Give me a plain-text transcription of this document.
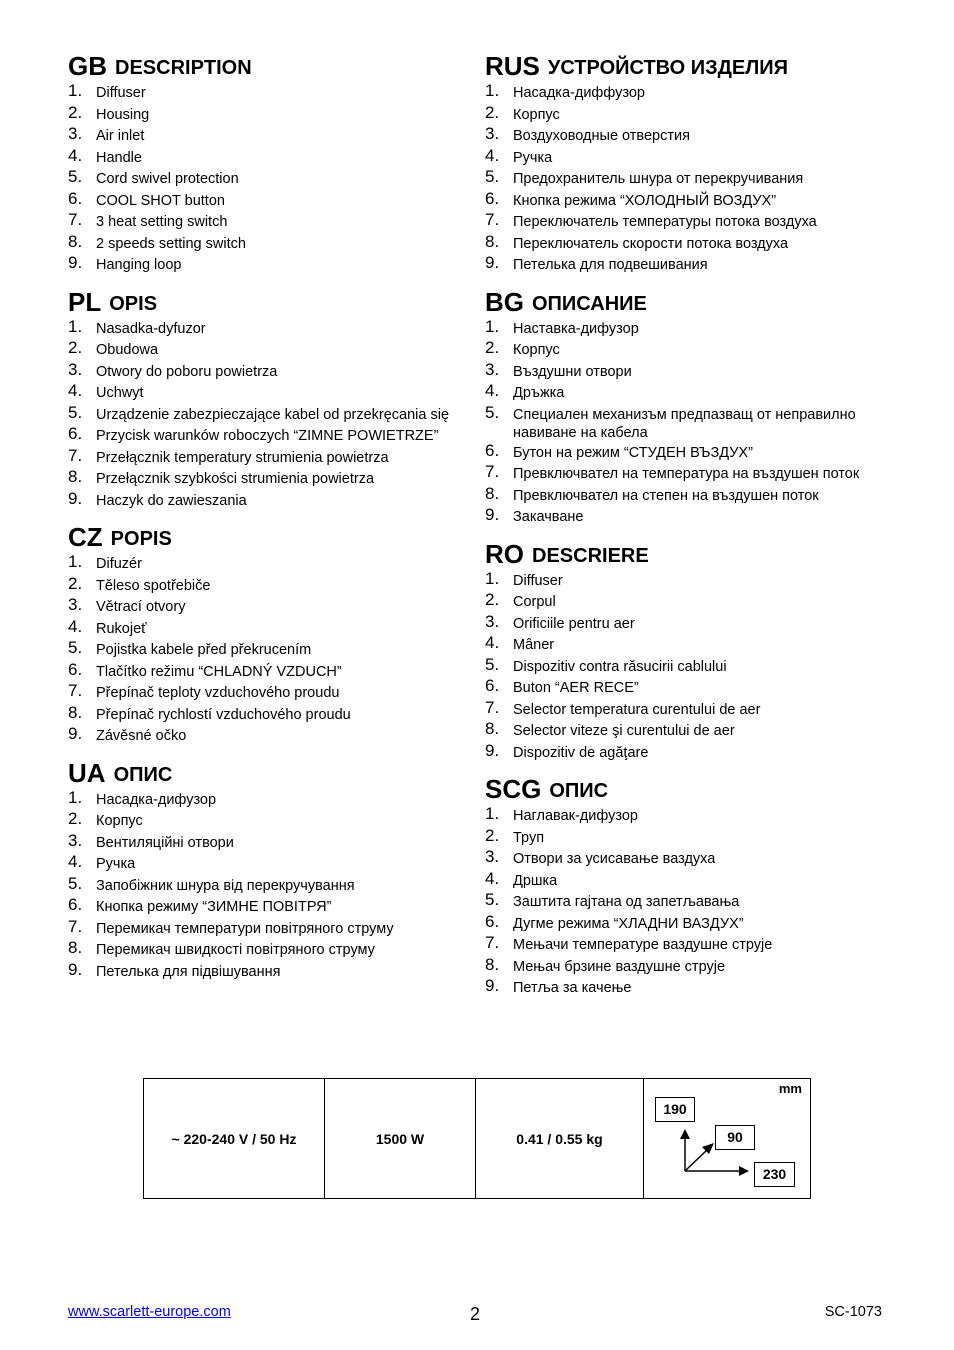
GB DESCRIPTION
1. Diffuser
2. Housing
3. Air inlet
4. Handle
5. Cord swivel protection
6. COOL SHOT button
7. 3 heat setting switch
8. 2 speeds setting switch
9. Hanging loop
PL OPIS
1. Nasadka-dyfuzor
2. Obudowa
3. Otwory do poboru powietrza
4. Uchwyt
5. Urządzenie zabezpieczające kabel od przekręcania się
6. Przycisk warunków roboczych “ZIMNE POWIETRZE”
7. Przełącznik temperatury strumienia powietrza
8. Przełącznik szybkości strumienia powietrza
9. Haczyk do zawieszania
CZ POPIS
1. Difuzér
2. Těleso spotřebiče
3. Větrací otvory
4. Rukojeť
5. Pojistka kabele před překrucením
6. Tlačítko režimu “CHLADNÝ VZDUCH”
7. Přepínač teploty vzduchového proudu
8. Přepínač rychlostí vzduchového proudu
9. Závěsné očko
UA ОПИС
1. Насадка-дифузор
2. Корпус
3. Вентиляційні отвори
4. Ручка
5. Запобіжник шнура від перекручування
6. Кнопка режиму “ЗИМНЕ ПОВІТРЯ”
7. Перемикач температури повітряного струму
8. Перемикач швидкості повітряного струму
9. Петелька для підвішування
RUS УСТРОЙСТВО ИЗДЕЛИЯ
1. Насадка-диффузор
2. Корпус
3. Воздуховодные отверстия
4. Ручка
5. Предохранитель шнура от перекручивания
6. Кнопка режима “ХОЛОДНЫЙ ВОЗДУХ”
7. Переключатель температуры потока воздуха
8. Переключатель скорости потока воздуха
9. Петелька для подвешивания
BG ОПИСАНИЕ
1. Наставка-дифузор
2. Корпус
3. Въздушни отвори
4. Дръжка
5. Специален механизъм предпазващ от неправилно навиване на кабела
6. Бутон на режим “СТУДЕН ВЪЗДУХ”
7. Превключвател на температура на въздушен поток
8. Превключвател на степен на въздушен поток
9. Закачване
RO DESCRIERE
1. Diffuser
2. Corpul
3. Orificiile pentru aer
4. Mâner
5. Dispozitiv contra răsucirii cablului
6. Buton “AER RECE”
7. Selector temperatura curentului de aer
8. Selector viteze şi curentului de aer
9. Dispozitiv de agăţare
SCG ОПИС
1. Наглавак-дифузор
2. Труп
3. Отвори за усисавање ваздуха
4. Дршка
5. Заштита гајтана од запетљавања
6. Дугме режима “ХЛАДНИ ВАЗДУХ”
7. Мењачи температуре ваздушне струје
8. Мењач брзине ваздушне струје
9. Петља за качење
~ 220-240 V / 50 Hz	1500 W	0.41 / 0.55 kg
mm
190
90
230
www.scarlett-europe.com	2	SC-1073
